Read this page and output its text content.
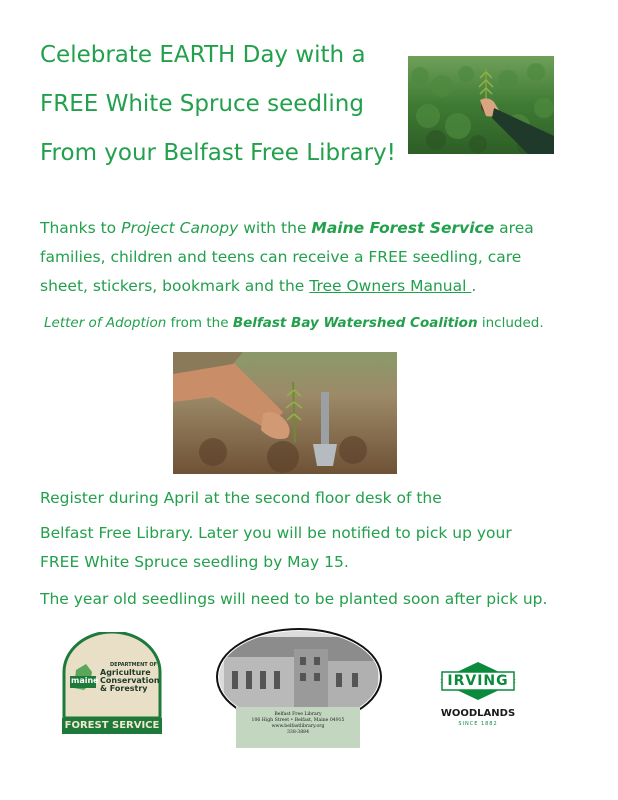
Celebrate EARTH Day with a
FREE White Spruce seedling
From your Belfast Free Library!
Thanks to Project Canopy with the Maine Forest Service area
families, children and teens can receive a FREE seedling, care
sheet, stickers, bookmark and the Tree Owners Manual .
Letter of Adoption from the Belfast Bay Watershed Coalition included.
Register during April at the second floor desk of the
Belfast Free Library. Later you will be notified to pick up your
FREE White Spruce seedling by May 15.
The year old seedlings will need to be planted soon after pick up.
DEPARTMENT OF
maine
Agriculture
Conservation
& Forestry
FOREST SERVICE
Belfast Free Library
106 High Street • Belfast, Maine 04915
www.belfastlibrary.org
338-3884
IRVING
WOODLANDS
SINCE 1882
